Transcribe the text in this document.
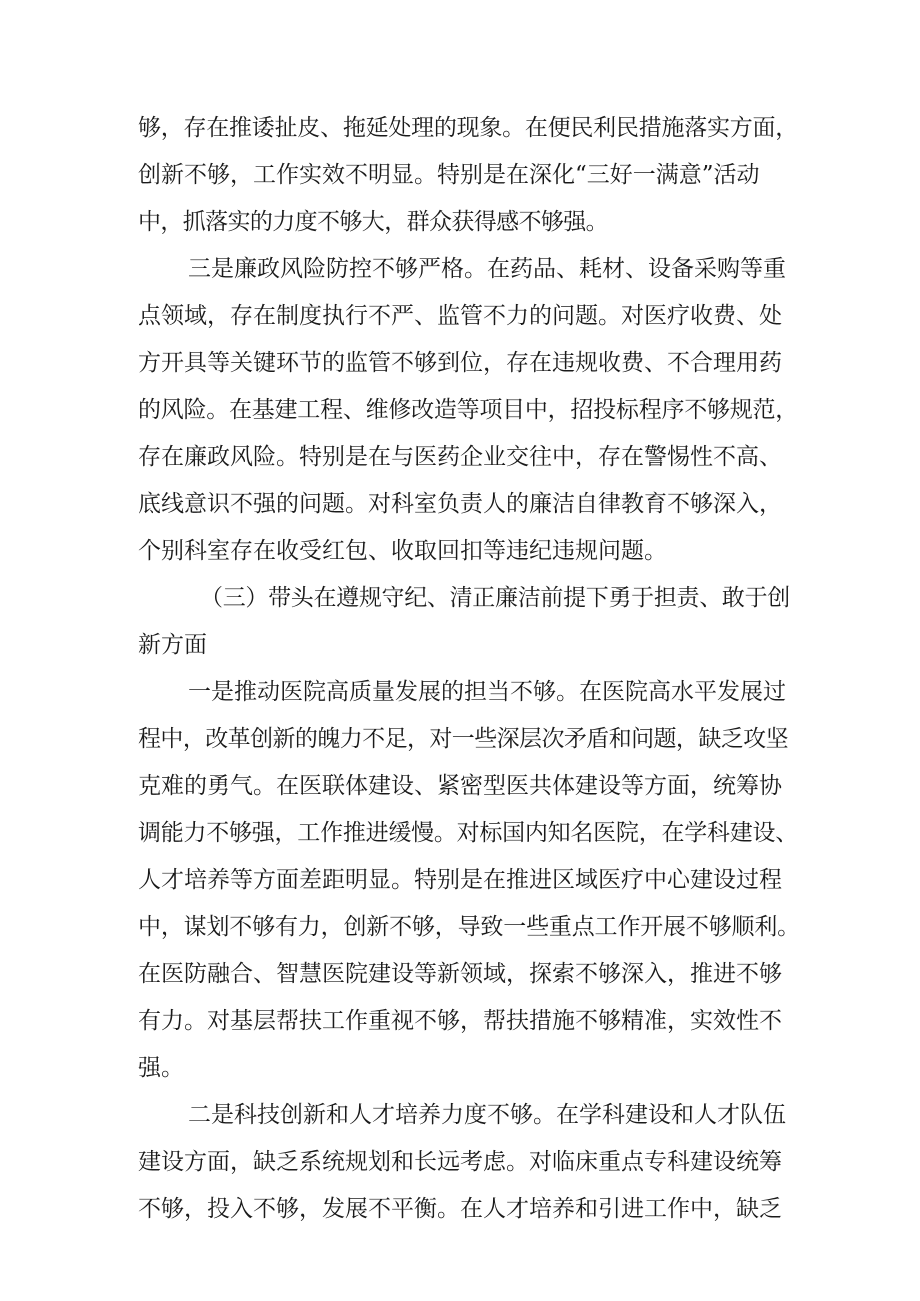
够，存在推诿扯皮、拖延处理的现象。在便民利民措施落实方面，
创新不够，工作实效不明显。特别是在深化“三好一满意”活动
中，抓落实的力度不够大，群众获得感不够强。
三是廉政风险防控不够严格。在药品、耗材、设备采购等重
点领域，存在制度执行不严、监管不力的问题。对医疗收费、处
方开具等关键环节的监管不够到位，存在违规收费、不合理用药
的风险。在基建工程、维修改造等项目中，招投标程序不够规范，
存在廉政风险。特别是在与医药企业交往中，存在警惕性不高、
底线意识不强的问题。对科室负责人的廉洁自律教育不够深入，
个别科室存在收受红包、收取回扣等违纪违规问题。
（三）带头在遵规守纪、清正廉洁前提下勇于担责、敢于创
新方面
一是推动医院高质量发展的担当不够。在医院高水平发展过
程中，改革创新的魄力不足，对一些深层次矛盾和问题，缺乏攻坚
克难的勇气。在医联体建设、紧密型医共体建设等方面，统筹协
调能力不够强，工作推进缓慢。对标国内知名医院，在学科建设、
人才培养等方面差距明显。特别是在推进区域医疗中心建设过程
中，谋划不够有力，创新不够，导致一些重点工作开展不够顺利。
在医防融合、智慧医院建设等新领域，探索不够深入，推进不够
有力。对基层帮扶工作重视不够，帮扶措施不够精准，实效性不
强。
二是科技创新和人才培养力度不够。在学科建设和人才队伍
建设方面，缺乏系统规划和长远考虑。对临床重点专科建设统筹
不够，投入不够，发展不平衡。在人才培养和引进工作中，缺乏
